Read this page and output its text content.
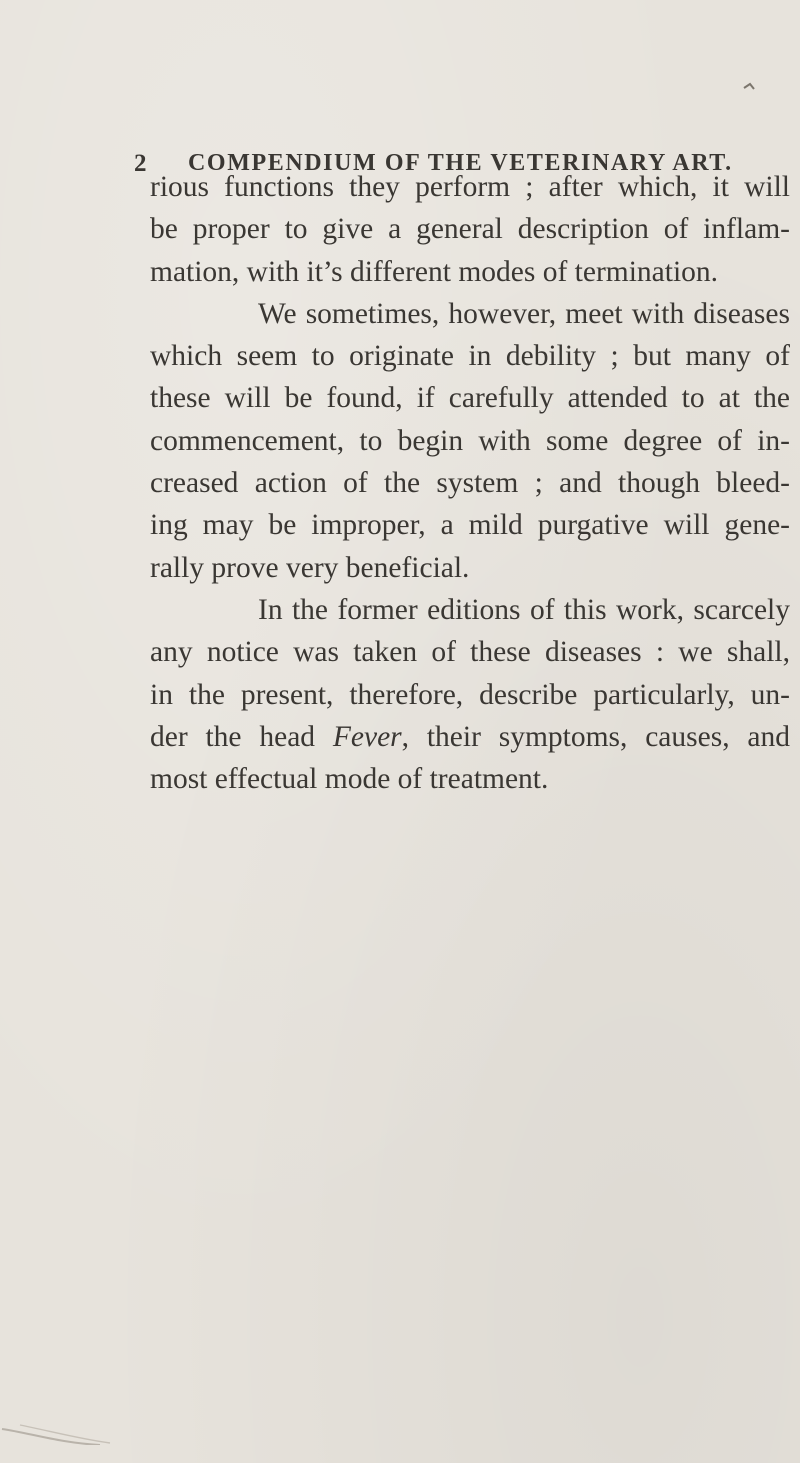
2 COMPENDIUM OF THE VETERINARY ART.
rious functions they perform ; after which, it will
be proper to give a general description of inflam-
mation, with it’s different modes of termination.
We sometimes, however, meet with diseases
which seem to originate in debility ; but many of
these will be found, if carefully attended to at the
commencement, to begin with some degree of in-
creased action of the system ; and though bleed-
ing may be improper, a mild purgative will gene-
rally prove very beneficial.
In the former editions of this work, scarcely
any notice was taken of these diseases : we shall,
in the present, therefore, describe particularly, un-
der the head Fever, their symptoms, causes, and
most effectual mode of treatment.
